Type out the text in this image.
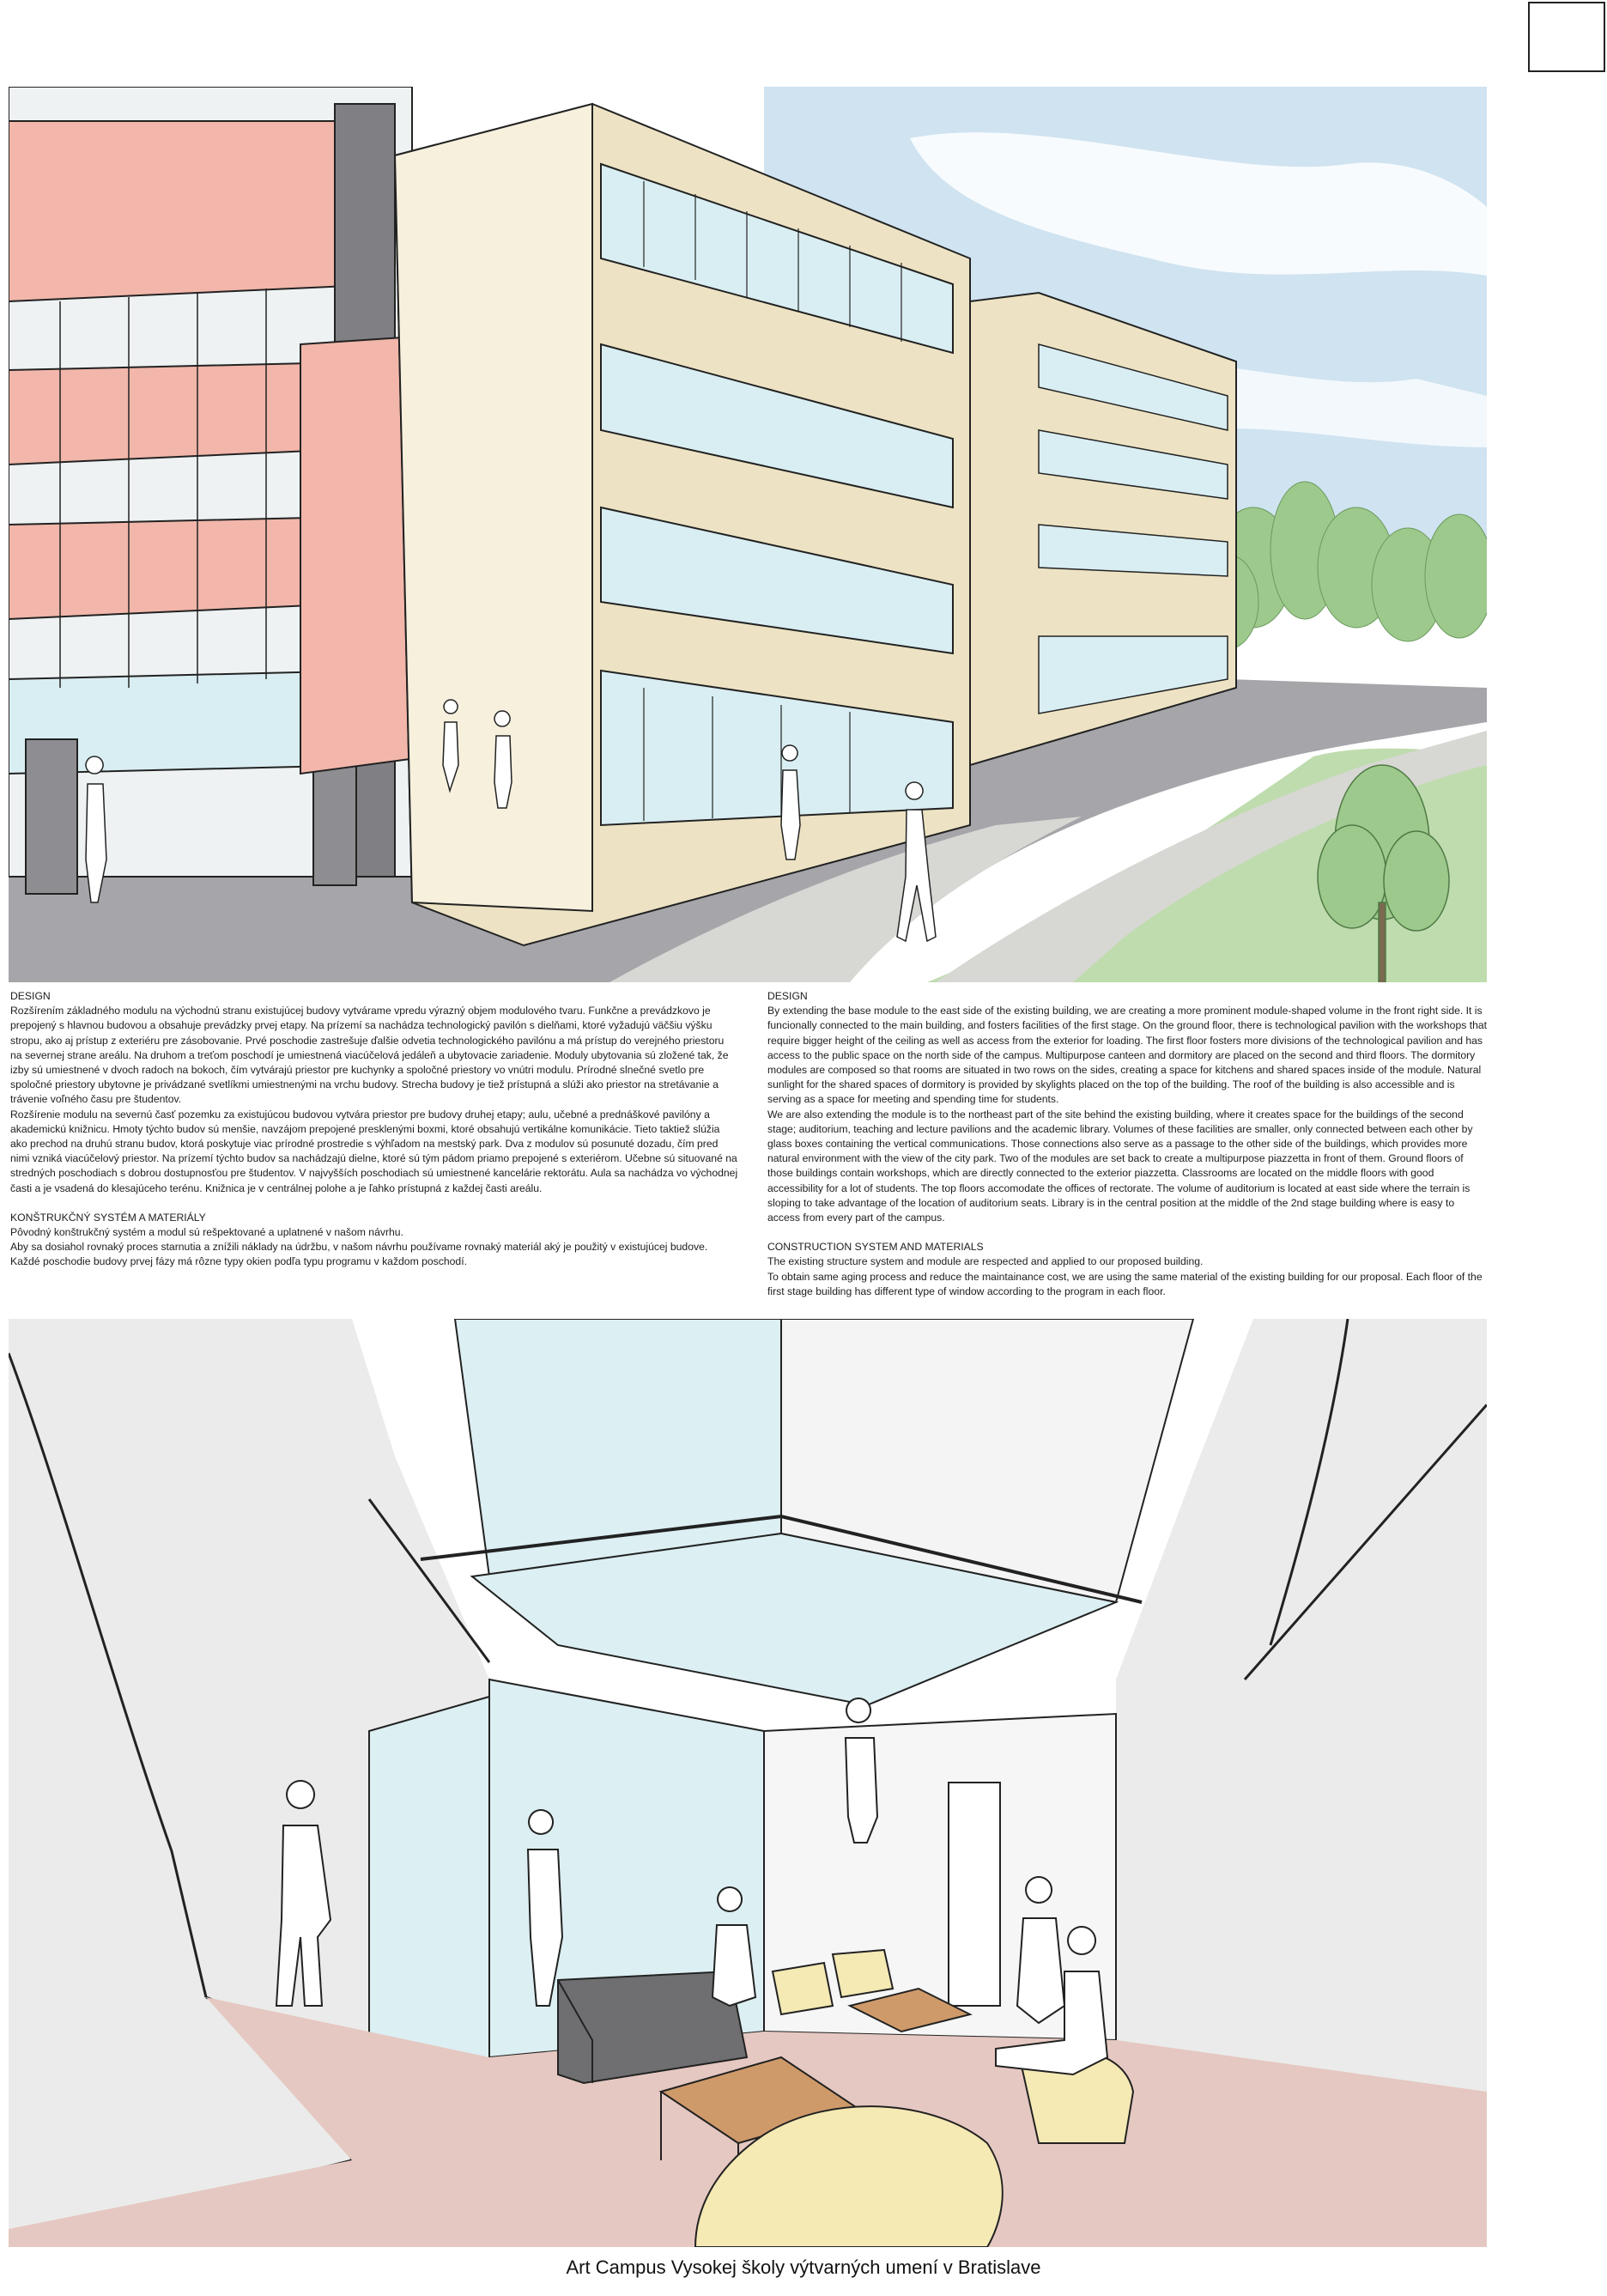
DESIGN

Rozšírením základného modulu na východnú stranu existujúcej budovy vytvárame vpredu výrazný objem modulového tvaru. Funkčne a prevádzkovo je prepojený s hlavnou budovou a obsahuje prevádzky prvej etapy. Na prízemí sa nachádza technologický pavilón s dielňami, ktoré vyžadujú väčšiu výšku stropu, ako aj prístup z exteriéru pre zásobovanie. Prvé poschodie zastrešuje ďalšie odvetia technologického pavilónu a má prístup do verejného priestoru na severnej strane areálu. Na druhom a treťom poschodí je umiestnená viacúčelová jedáleň a ubytovacie zariadenie. Moduly ubytovania sú zložené tak, že izby sú umiestnené v dvoch radoch na bokoch, čím vytvárajú priestor pre kuchynky a spoločné priestory vo vnútri modulu. Prírodné slnečné svetlo pre spoločné priestory ubytovne je privádzané svetlíkmi umiestnenými na vrchu budovy. Strecha budovy je tiež prístupná a slúži ako priestor na stretávanie a trávenie voľného času pre študentov.

Rozšírenie modulu na severnú časť pozemku za existujúcou budovou vytvára priestor pre budovy druhej etapy; aulu, učebné a prednáškové pavilóny a akademickú knižnicu. Hmoty týchto budov sú menšie, navzájom prepojené presklenými boxmi, ktoré obsahujú vertikálne komunikácie. Tieto taktiež slúžia ako prechod na druhú stranu budov, ktorá poskytuje viac prírodné prostredie s výhľadom na mestský park. Dva z modulov sú posunuté dozadu, čím pred nimi vzniká viacúčelový priestor. Na prízemí týchto budov sa nachádzajú dielne, ktoré sú tým pádom priamo prepojené s exteriérom. Učebne sú situované na stredných poschodiach s dobrou dostupnosťou pre študentov. V najvyšších poschodiach sú umiestnené kancelárie rektorátu. Aula sa nachádza vo východnej časti a je vsadená do klesajúceho terénu. Knižnica je v centrálnej polohe a je ľahko prístupná z každej časti areálu.

KONŠTRUKČNÝ SYSTÉM A MATERIÁLY

Pôvodný konštrukčný systém a modul sú rešpektované a uplatnené v našom návrhu.

Aby sa dosiahol rovnaký proces starnutia a znížili náklady na údržbu, v našom návrhu používame rovnaký materiál aký je použitý v existujúcej budove. Každé poschodie budovy prvej fázy má rôzne typy okien podľa typu programu v každom poschodí.

DESIGN

By extending the base module to the east side of the existing building, we are creating a more prominent module-shaped volume in the front right side. It is funcionally connected to the main building, and fosters facilities of the first stage. On the ground floor, there is technological pavilion with the workshops that require bigger height of the ceiling as well as access from the exterior for loading. The first floor fosters more divisions of the technological pavilion and has access to the public space on the north side of the campus. Multipurpose canteen and dormitory are placed on the second and third floors. The dormitory modules are composed so that rooms are situated in two rows on the sides, creating a space for kitchens and shared spaces inside of the module. Natural sunlight for the shared spaces of dormitory is provided by skylights placed on the top of the building. The roof of the building is also accessible and is serving as a space for meeting and spending time for students.

We are also extending the module is to the northeast part of the site behind the existing building, where it creates space for the buildings of the second stage; auditorium, teaching and lecture pavilions and the academic library. Volumes of these facilities are smaller, only connected between each other by glass boxes containing the vertical communications. Those connections also serve as a passage to the other side of the buildings, which provides more natural environment with the view of the city park. Two of the modules are set back to create a multipurpose piazzetta in front of them. Ground floors of those buildings contain workshops, which are directly connected to the exterior piazzetta. Classrooms are located on the middle floors with good accessibility for a lot of students. The top floors accomodate the offices of rectorate. The volume of auditorium is located at east side where the terrain is sloping to take advantage of the location of auditorium seats. Library is in the central position at the middle of the 2nd stage building where is easy to access from every part of the campus.

CONSTRUCTION SYSTEM AND MATERIALS

The existing structure system and module are respected and applied to our proposed building.

To obtain same aging process and reduce the maintainance cost, we are using the same material of the existing building for our proposal. Each floor of the first stage building has different type of window according to the program in each floor.

Art Campus Vysokej školy výtvarných umení v Bratislave
